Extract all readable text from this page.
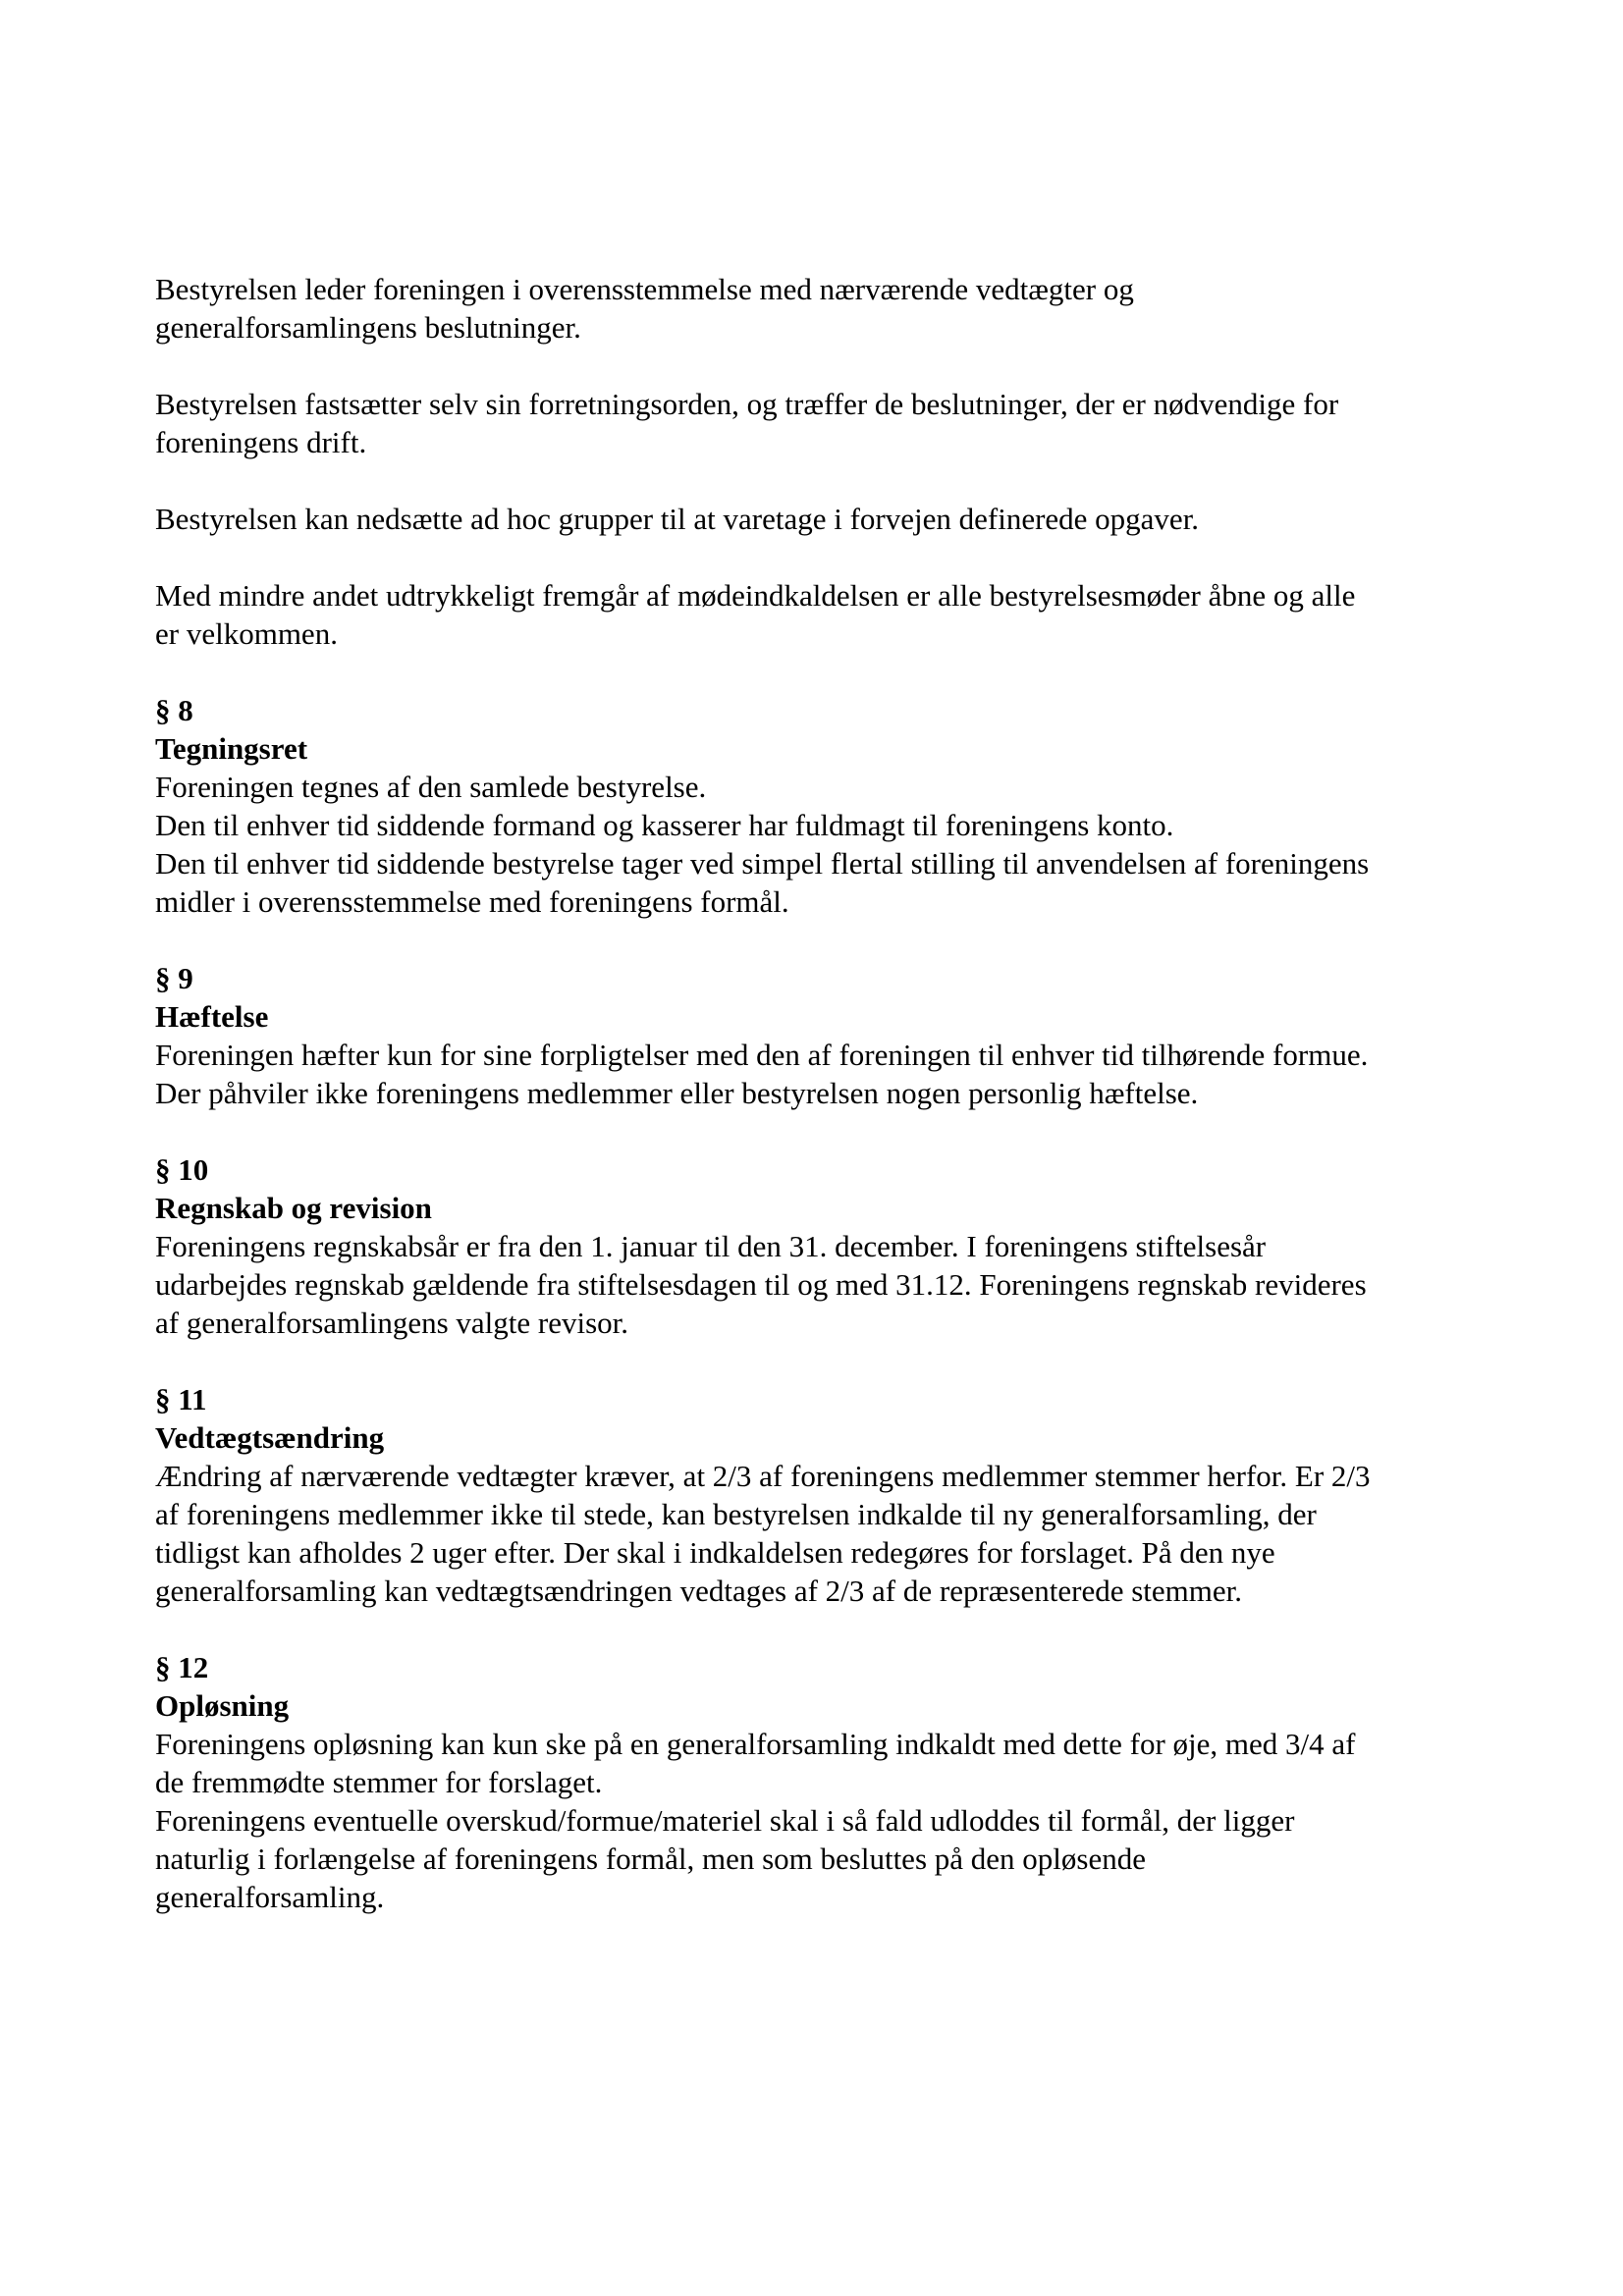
Bestyrelsen leder foreningen i overensstemmelse med nærværende vedtægter og
generalforsamlingens beslutninger.

Bestyrelsen fastsætter selv sin forretningsorden, og træffer de beslutninger, der er nødvendige for
foreningens drift.

Bestyrelsen kan nedsætte ad hoc grupper til at varetage i forvejen definerede opgaver.

Med mindre andet udtrykkeligt fremgår af mødeindkaldelsen er alle bestyrelsesmøder åbne og alle
er velkommen.

§ 8
Tegningsret
Foreningen tegnes af den samlede bestyrelse.
Den til enhver tid siddende formand og kasserer har fuldmagt til foreningens konto.
Den til enhver tid siddende bestyrelse tager ved simpel flertal stilling til anvendelsen af foreningens
midler i overensstemmelse med foreningens formål.
§ 9
Hæftelse
Foreningen hæfter kun for sine forpligtelser med den af foreningen til enhver tid tilhørende formue.
Der påhviler ikke foreningens medlemmer eller bestyrelsen nogen personlig hæftelse.
§ 10
Regnskab og revision
Foreningens regnskabsår er fra den 1. januar til den 31. december. I foreningens stiftelsesår
udarbejdes regnskab gældende fra stiftelsesdagen til og med 31.12. Foreningens regnskab revideres
af generalforsamlingens valgte revisor.
§ 11
Vedtægtsændring
Ændring af nærværende vedtægter kræver, at 2/3 af foreningens medlemmer stemmer herfor. Er 2/3
af foreningens medlemmer ikke til stede, kan bestyrelsen indkalde til ny generalforsamling, der
tidligst kan afholdes 2 uger efter. Der skal i indkaldelsen redegøres for forslaget. På den nye
generalforsamling kan vedtægtsændringen vedtages af 2/3 af de repræsenterede stemmer.
§ 12
Opløsning
Foreningens opløsning kan kun ske på en generalforsamling indkaldt med dette for øje, med 3/4 af
de fremmødte stemmer for forslaget.
Foreningens eventuelle overskud/formue/materiel skal i så fald udloddes til formål, der ligger
naturlig i forlængelse af foreningens formål, men som besluttes på den opløsende
generalforsamling.
